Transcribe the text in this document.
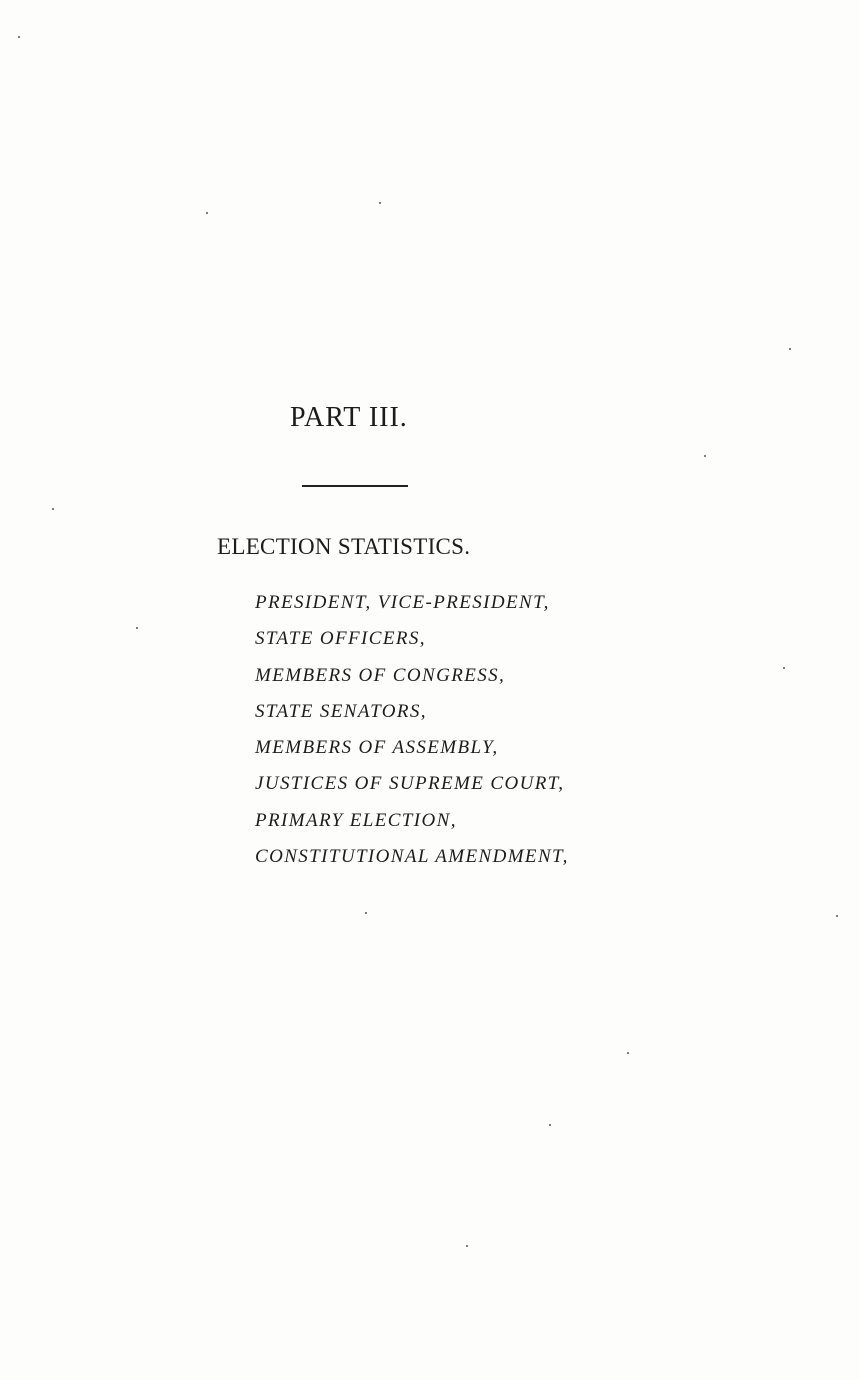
PART III.
ELECTION STATISTICS.
PRESIDENT, VICE-PRESIDENT,
STATE OFFICERS,
MEMBERS OF CONGRESS,
STATE SENATORS,
MEMBERS OF ASSEMBLY,
JUSTICES OF SUPREME COURT,
PRIMARY ELECTION,
CONSTITUTIONAL AMENDMENT,
